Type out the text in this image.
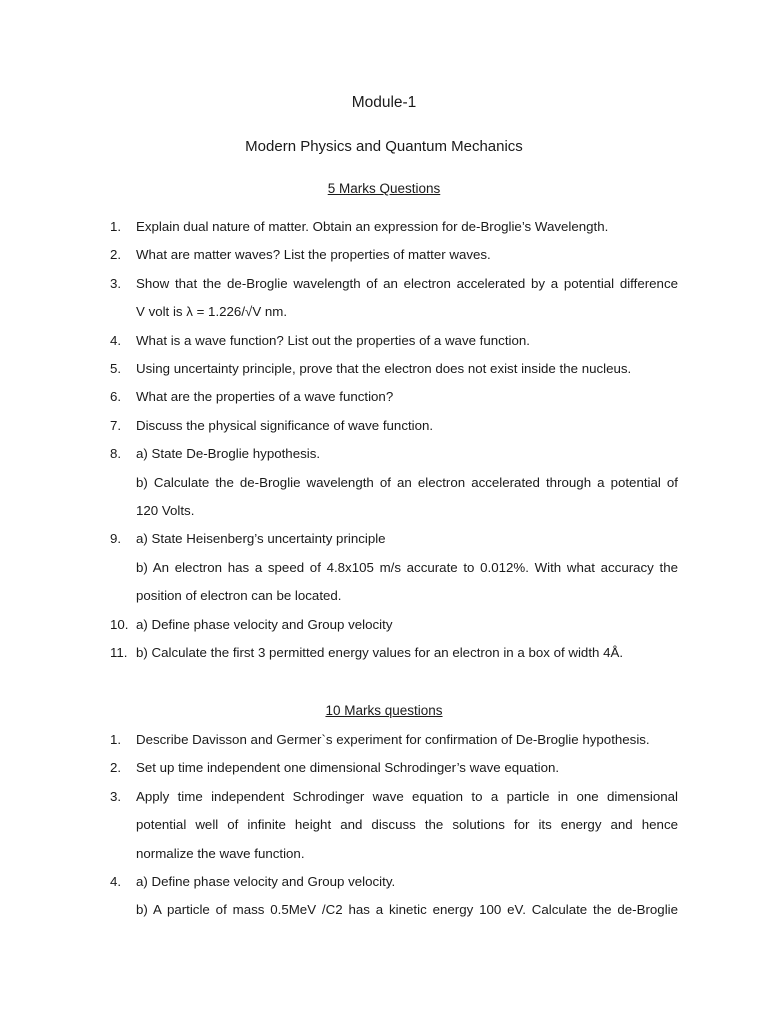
Module-1
Modern Physics and Quantum Mechanics
5 Marks Questions
1. Explain dual nature of matter. Obtain an expression for de-Broglie’s Wavelength.
2. What are matter waves? List the properties of matter waves.
3. Show that the de-Broglie wavelength of an electron accelerated by a potential difference
V volt is λ = 1.226/√V nm.
4. What is a wave function? List out the properties of a wave function.
5. Using uncertainty principle, prove that the electron does not exist inside the nucleus.
6. What are the properties of a wave function?
7. Discuss the physical significance of wave function.
8. a) State De-Broglie hypothesis.
b) Calculate the de-Broglie wavelength of an electron accelerated through a potential of
120 Volts.
9. a) State Heisenberg’s uncertainty principle
b) An electron has a speed of 4.8x105 m/s accurate to 0.012%. With what accuracy the
position of electron can be located.
10. a) Define phase velocity and Group velocity
11. b) Calculate the first 3 permitted energy values for an electron in a box of width 4Å.
10 Marks questions
1. Describe Davisson and Germer`s experiment for confirmation of De-Broglie hypothesis.
2. Set up time independent one dimensional Schrodinger’s wave equation.
3. Apply time independent Schrodinger wave equation to a particle in one dimensional
potential well of infinite height and discuss the solutions for its energy and hence
normalize the wave function.
4. a) Define phase velocity and Group velocity.
b) A particle of mass 0.5MeV /C2 has a kinetic energy 100 eV. Calculate the de-Broglie
